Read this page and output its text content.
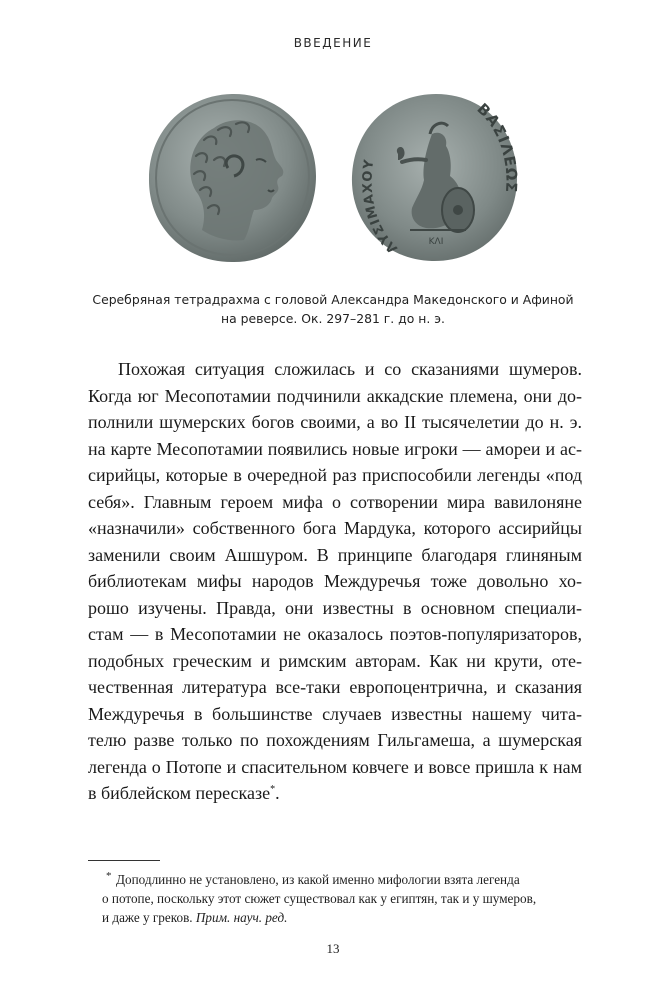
ВВЕДЕНИЕ
ΚΛΙ
ΒΑΣΙΛΕΩΣ
ΛΥΣΙΜΑΧΟΥ
Серебряная тетрадрахма с головой Александра Македонского и Афиной
на реверсе. Ок. 297–281 г. до н. э.
Похожая ситуация сложилась и со сказаниями шумеров.
Когда юг Месопотамии подчинили аккадские племена, они до-
полнили шумерских богов своими, а во II тысячелетии до н. э.
на карте Месопотамии появились новые игроки — амореи и ас-
сирийцы, которые в очередной раз приспособили легенды «под
себя». Главным героем мифа о сотворении мира вавилоняне
«назначили» собственного бога Мардука, которого ассирийцы
заменили своим Ашшуром. В принципе благодаря глиняным
библиотекам мифы народов Междуречья тоже довольно хо-
рошо изучены. Правда, они известны в основном специали-
стам — в Месопотамии не оказалось поэтов-популяризаторов,
подобных греческим и римским авторам. Как ни крути, оте-
чественная литература все-таки европоцентрична, и сказания
Междуречья в большинстве случаев известны нашему чита-
телю разве только по похождениям Гильгамеша, а шумерская
легенда о Потопе и спасительном ковчеге и вовсе пришла к нам
в библейском пересказе*.
* Доподлинно не установлено, из какой именно мифологии взята легенда
о потопе, поскольку этот сюжет существовал как у египтян, так и у шумеров,
и даже у греков. Прим. науч. ред.
13
